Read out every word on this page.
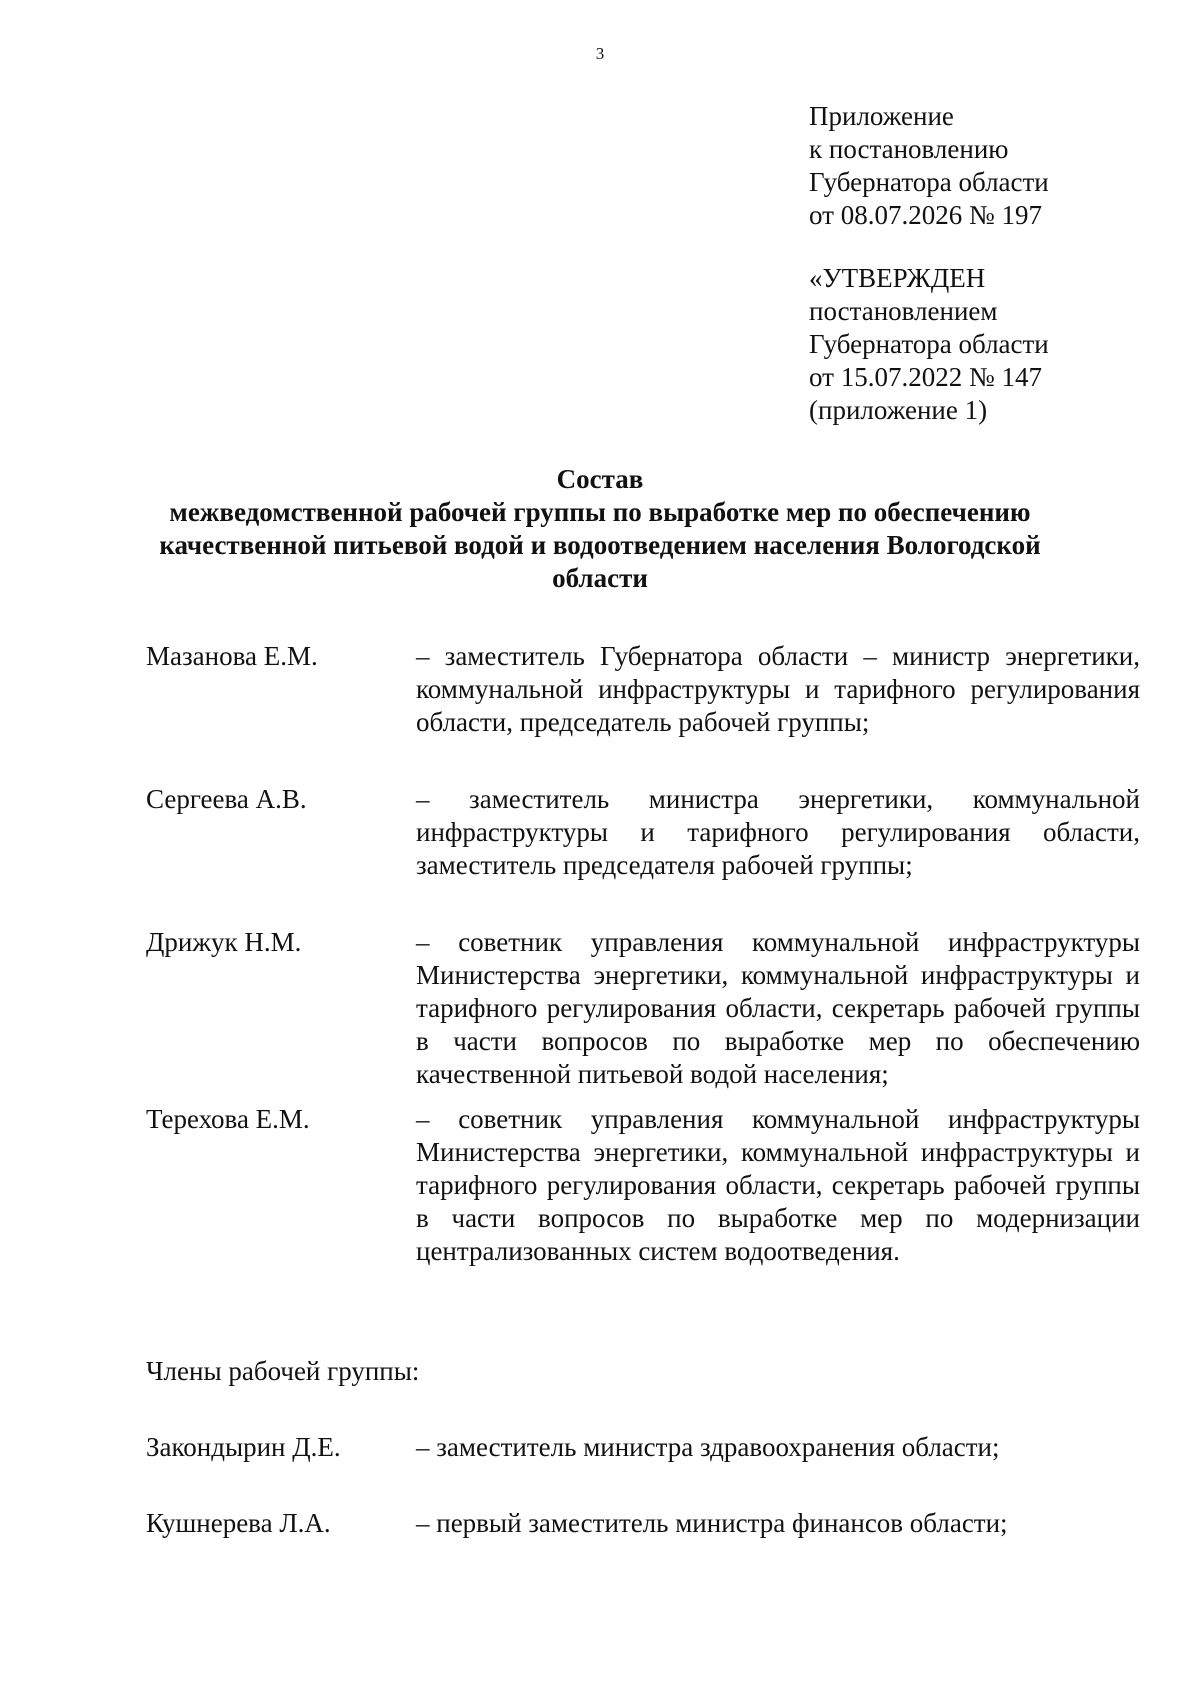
3
Приложение
к постановлению
Губернатора области
от 08.07.2026 № 197
«УТВЕРЖДЕН
постановлением
Губернатора области
от 15.07.2022 № 147
(приложение 1)
Состав
межведомственной рабочей группы по выработке мер по обеспечению
качественной питьевой водой и водоотведением населения Вологодской
области
Мазанова Е.М.	– заместитель Губернатора области – министр энергетики, коммунальной инфраструктуры и тарифного регулирования области, председатель рабочей группы;
Сергеева А.В.	– заместитель министра энергетики, коммунальной инфраструктуры и тарифного регулирования области, заместитель председателя рабочей группы;
Дрижук Н.М.	– советник управления коммунальной инфраструктуры Министерства энергетики, коммунальной инфраструктуры и тарифного регулирования области, секретарь рабочей группы в части вопросов по выработке мер по обеспечению качественной питьевой водой населения;
Терехова Е.М.	– советник управления коммунальной инфраструктуры Министерства энергетики, коммунальной инфраструктуры и тарифного регулирования области, секретарь рабочей группы в части вопросов по выработке мер по модернизации централизованных систем водоотведения.
Члены рабочей группы:
Закондырин Д.Е.	– заместитель министра здравоохранения области;
Кушнерева Л.А.	– первый заместитель министра финансов области;
